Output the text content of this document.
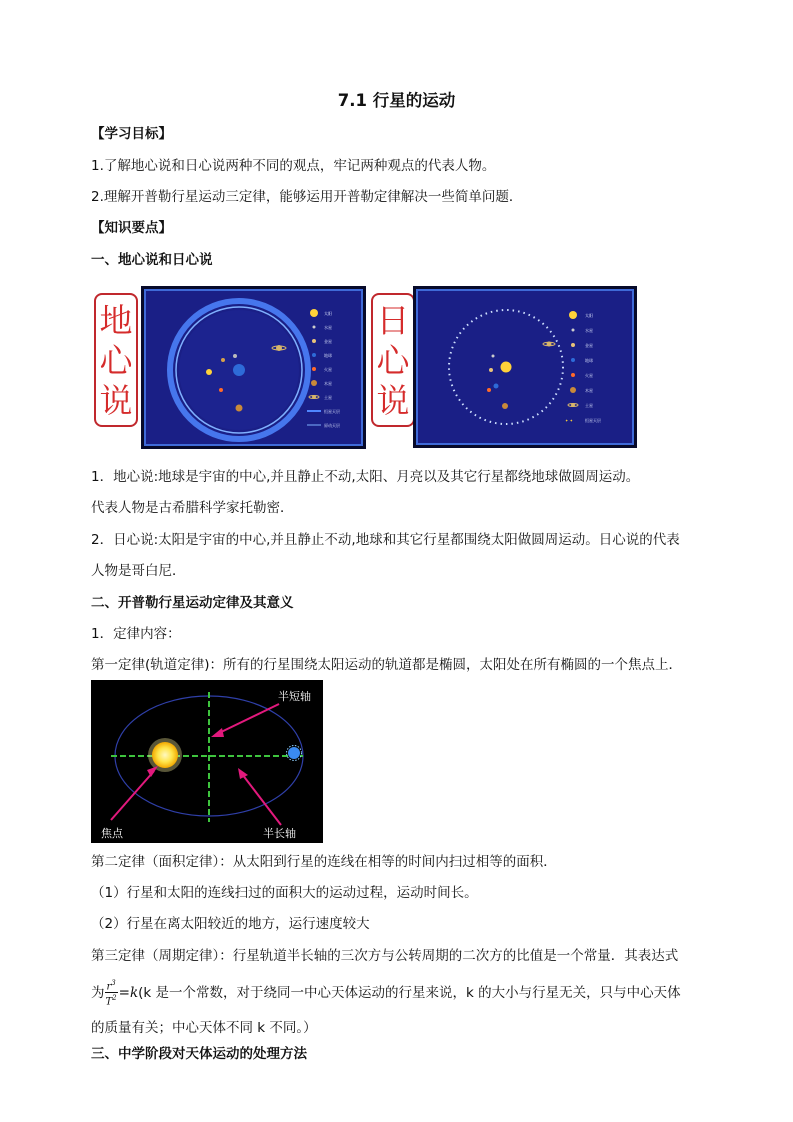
7.1 行星的运动
【学习目标】
1.了解地心说和日心说两种不同的观点，牢记两种观点的代表人物。
2.理解开普勒行星运动三定律，能够运用开普勒定律解决一些简单问题．
【知识要点】
一、地心说和日心说
地
心
说
太阳
水星
金星
地球
火星
木星
土星
恒星天层
原动天层
日
心
说
太阳
水星
金星
地球
火星
木星
土星
✦ ✦	恒星天层
1．地心说:地球是宇宙的中心,并且静止不动,太阳、月亮以及其它行星都绕地球做圆周运动。
代表人物是古希腊科学家托勒密．
2．日心说:太阳是宇宙的中心,并且静止不动,地球和其它行星都围绕太阳做圆周运动。日心说的代表
人物是哥白尼．
二、开普勒行星运动定律及其意义
1．定律内容：
第一定律(轨道定律)：所有的行星围绕太阳运动的轨道都是椭圆，太阳处在所有椭圆的一个焦点上．
半短轴
焦点	半长轴
第二定律（面积定律）：从太阳到行星的连线在相等的时间内扫过相等的面积．
（1）行星和太阳的连线扫过的面积大的运动过程，运动时间长。
（2）行星在离太阳较近的地方，运行速度较大
第三定律（周期定律）：行星轨道半长轴的三次方与公转周期的二次方的比值是一个常量．其表达式
为 $\frac{r^3}{T^2} =k(k$ 是一个常数，对于绕同一中心天体运动的行星来说，k 的大小与行星无关，只与中心天体
的质量有关；中心天体不同 k 不同。）
三、中学阶段对天体运动的处理方法
